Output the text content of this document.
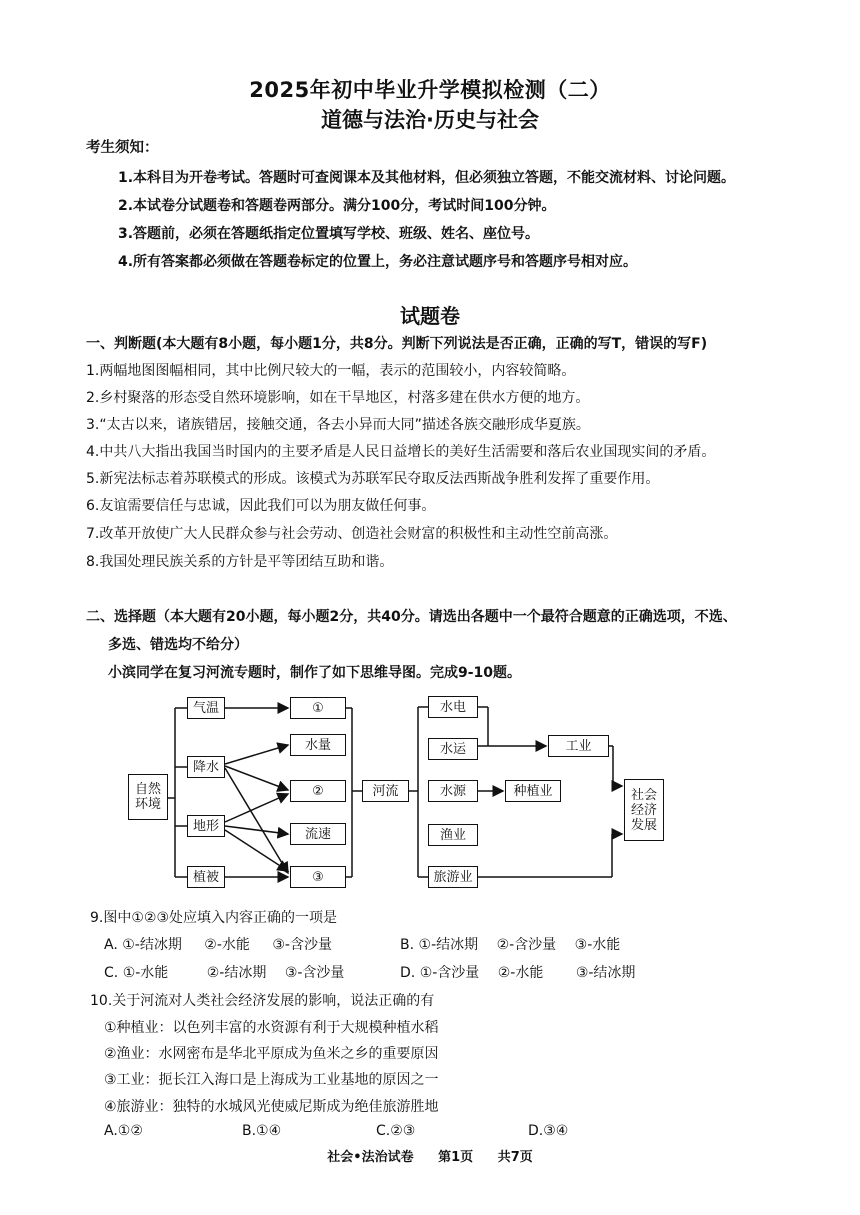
2025年初中毕业升学模拟检测（二）
道德与法治·历史与社会
考生须知：
1.本科目为开卷考试。答题时可查阅课本及其他材料，但必须独立答题，不能交流材料、讨论问题。
2.本试卷分试题卷和答题卷两部分。满分100分，考试时间100分钟。
3.答题前，必须在答题纸指定位置填写学校、班级、姓名、座位号。
4.所有答案都必须做在答题卷标定的位置上，务必注意试题序号和答题序号相对应。
试题卷
一、判断题(本大题有8小题，每小题1分，共8分。判断下列说法是否正确，正确的写T，错误的写F)
1.两幅地图图幅相同，其中比例尺较大的一幅，表示的范围较小，内容较简略。
2.乡村聚落的形态受自然环境影响，如在干旱地区，村落多建在供水方便的地方。
3.“太古以来，诸族错居，接触交通，各去小异而大同”描述各族交融形成华夏族。
4.中共八大指出我国当时国内的主要矛盾是人民日益增长的美好生活需要和落后农业国现实间的矛盾。
5.新宪法标志着苏联模式的形成。该模式为苏联军民夺取反法西斯战争胜利发挥了重要作用。
6.友谊需要信任与忠诚，因此我们可以为朋友做任何事。
7.改革开放使广大人民群众参与社会劳动、创造社会财富的积极性和主动性空前高涨。
8.我国处理民族关系的方针是平等团结互助和谐。
二、选择题（本大题有20小题，每小题2分，共40分。请选出各题中一个最符合题意的正确选项，不选、
多选、错选均不给分）
小滨同学在复习河流专题时，制作了如下思维导图。完成9-10题。
自然环境
气温
降水
地形
植被
①
水量
②
流速
③
河流
水电
水运
水源
渔业
旅游业
工业
种植业	社会经济发展
9.图中①②③处应填入内容正确的一项是
A. ①-结冰期 ②-水能 ③-含沙量	B. ①-结冰期 ②-含沙量 ③-水能
C. ①-水能	②-结冰期 ③-含沙量	D. ①-含沙量 ②-水能 ③-结冰期
10.关于河流对人类社会经济发展的影响，说法正确的有
①种植业：以色列丰富的水资源有利于大规模种植水稻
②渔业：水网密布是华北平原成为鱼米之乡的重要原因
③工业：扼长江入海口是上海成为工业基地的原因之一
④旅游业：独特的水城风光使威尼斯成为绝佳旅游胜地
A.①②	B.①④	C.②③	D.③④
社会•法治试卷 第1页 共7页
